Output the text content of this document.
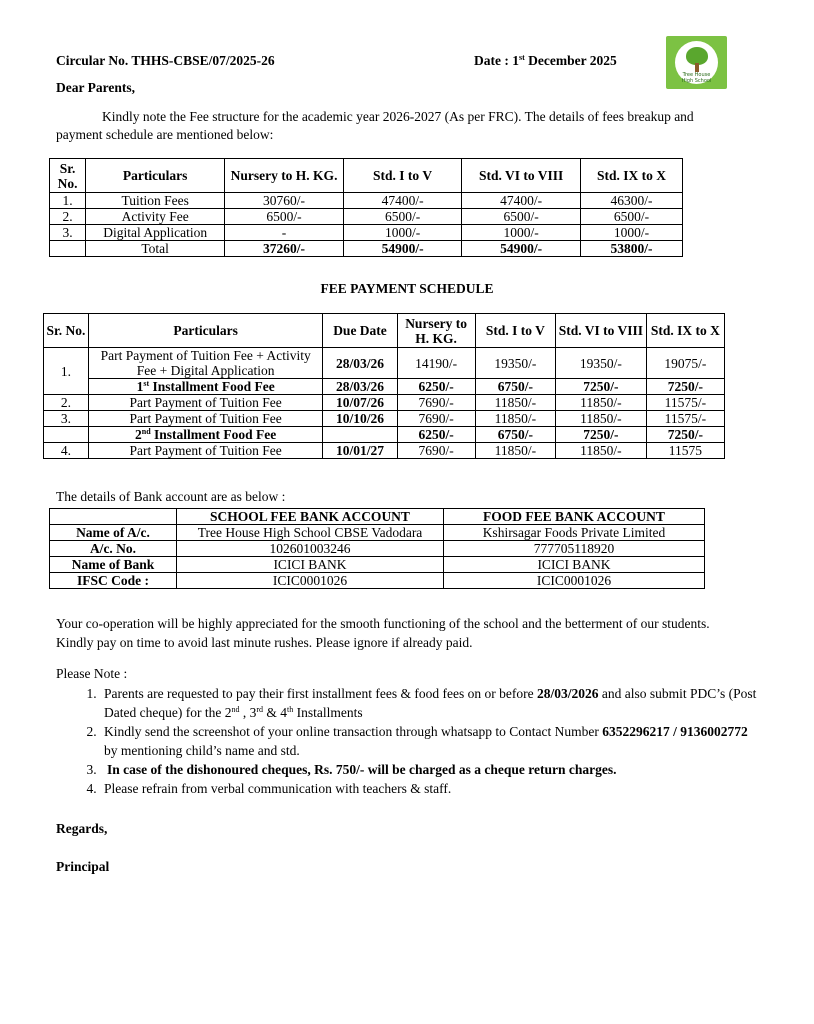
Circular No. THHS-CBSE/07/2025-26	Date : 1st December 2025
Tree House High School
Dear Parents,
Kindly note the Fee structure for the academic year 2026-2027 (As per FRC). The details of fees breakup and payment schedule are mentioned below:
Sr. No.	Particulars	Nursery to H. KG.	Std. I to V	Std. VI to VIII	Std. IX to X
1.	Tuition Fees	30760/-	47400/-	47400/-	46300/-
2.	Activity Fee	6500/-	6500/-	6500/-	6500/-
3.	Digital Application	-	1000/-	1000/-	1000/-
	Total	37260/-	54900/-	54900/-	53800/-
FEE PAYMENT SCHEDULE
Sr. No.	Particulars	Due Date	Nursery to H. KG.	Std. I to V	Std. VI to VIII	Std. IX to X
1.	Part Payment of Tuition Fee + Activity Fee + Digital Application	28/03/26	14190/-	19350/-	19350/-	19075/-
	1st Installment Food Fee	28/03/26	6250/-	6750/-	7250/-	7250/-
2.	Part Payment of Tuition Fee	10/07/26	7690/-	11850/-	11850/-	11575/-
3.	Part Payment of Tuition Fee	10/10/26	7690/-	11850/-	11850/-	11575/-
	2nd Installment Food Fee		6250/-	6750/-	7250/-	7250/-
4.	Part Payment of Tuition Fee	10/01/27	7690/-	11850/-	11850/-	11575
The details of Bank account are as below :
	SCHOOL FEE BANK ACCOUNT	FOOD FEE BANK ACCOUNT
Name of A/c.	Tree House High School CBSE Vadodara	Kshirsagar Foods Private Limited
A/c. No.	102601003246	777705118920
Name of Bank	ICICI BANK	ICICI BANK
IFSC Code :	ICIC0001026	ICIC0001026
Your co-operation will be highly appreciated for the smooth functioning of the school and the betterment of our students. Kindly pay on time to avoid last minute rushes. Please ignore if already paid.
Please Note :
1. Parents are requested to pay their first installment fees & food fees on or before 28/03/2026 and also submit PDC’s (Post Dated cheque) for the 2nd , 3rd & 4th Installments
2. Kindly send the screenshot of your online transaction through whatsapp to Contact Number 6352296217 / 9136002772 by mentioning child’s name and std.
3. In case of the dishonoured cheques, Rs. 750/- will be charged as a cheque return charges.
4. Please refrain from verbal communication with teachers & staff.
Regards,
Principal
